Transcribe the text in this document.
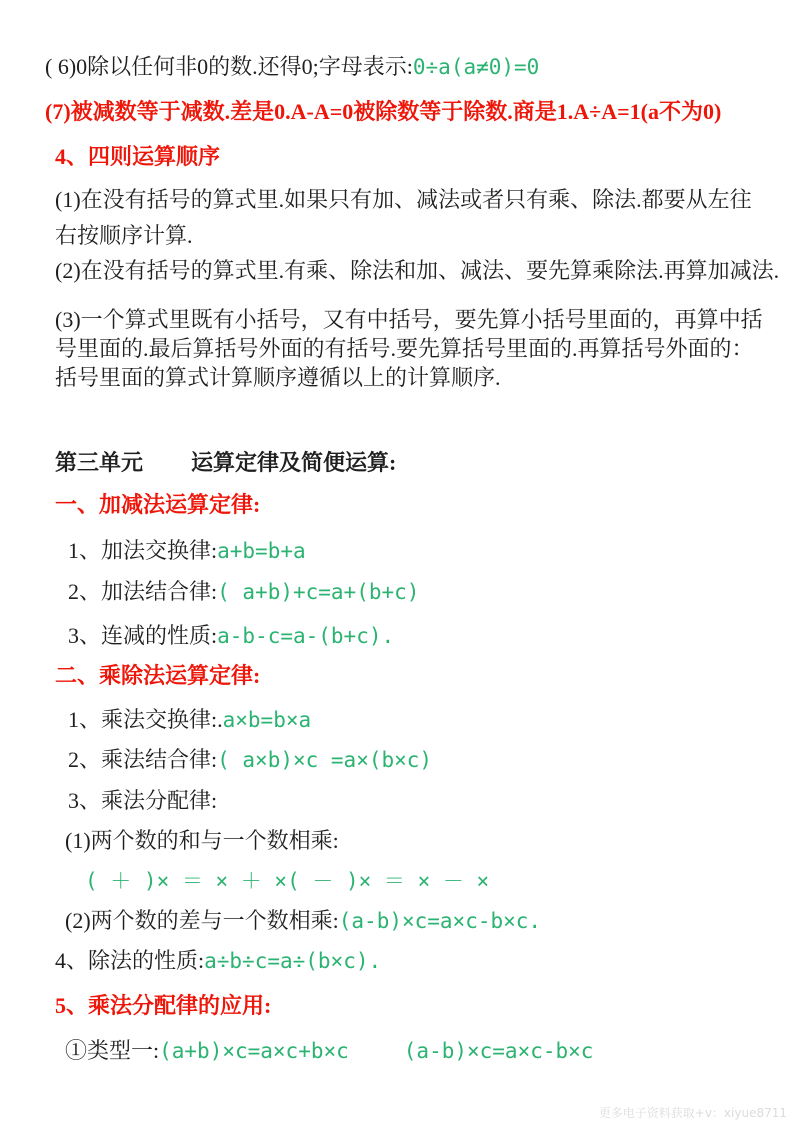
( 6)0除以任何非0的数.还得0;字母表示:0÷a(a≠0)=0
(7)被减数等于减数.差是0.A-A=0被除数等于除数.商是1.A÷A=1(a不为0)
4、四则运算顺序
(1)在没有括号的算式里.如果只有加、减法或者只有乘、除法.都要从左往右按顺序计算.
(2)在没有括号的算式里.有乘、除法和加、减法、要先算乘除法.再算加减法.
(3)一个算式里既有小括号，又有中括号，要先算小括号里面的，再算中括号里面的.最后算括号外面的有括号.要先算括号里面的.再算括号外面的：括号里面的算式计算顺序遵循以上的计算顺序.
第三单元 运算定律及简便运算:
一、加减法运算定律:
1、加法交换律:a+b=b+a
2、加法结合律:( a+b)+c=a+(b+c)
3、连减的性质:a-b-c=a-(b+c).
二、乘除法运算定律:
1、乘法交换律:.a×b=b×a
2、乘法结合律:( a×b)×c =a×(b×c)
3、乘法分配律:
(1)两个数的和与一个数相乘:
( ＋ )× ＝ × ＋ ×( － )× ＝ × － ×
(2)两个数的差与一个数相乘:(a-b)×c=a×c-b×c.
4、除法的性质:a÷b÷c=a÷(b×c).
5、乘法分配律的应用:
①类型一:(a+b)×c=a×c+b×c	(a-b)×c=a×c-b×c
更多电子资料获取+v：xiyue8711
